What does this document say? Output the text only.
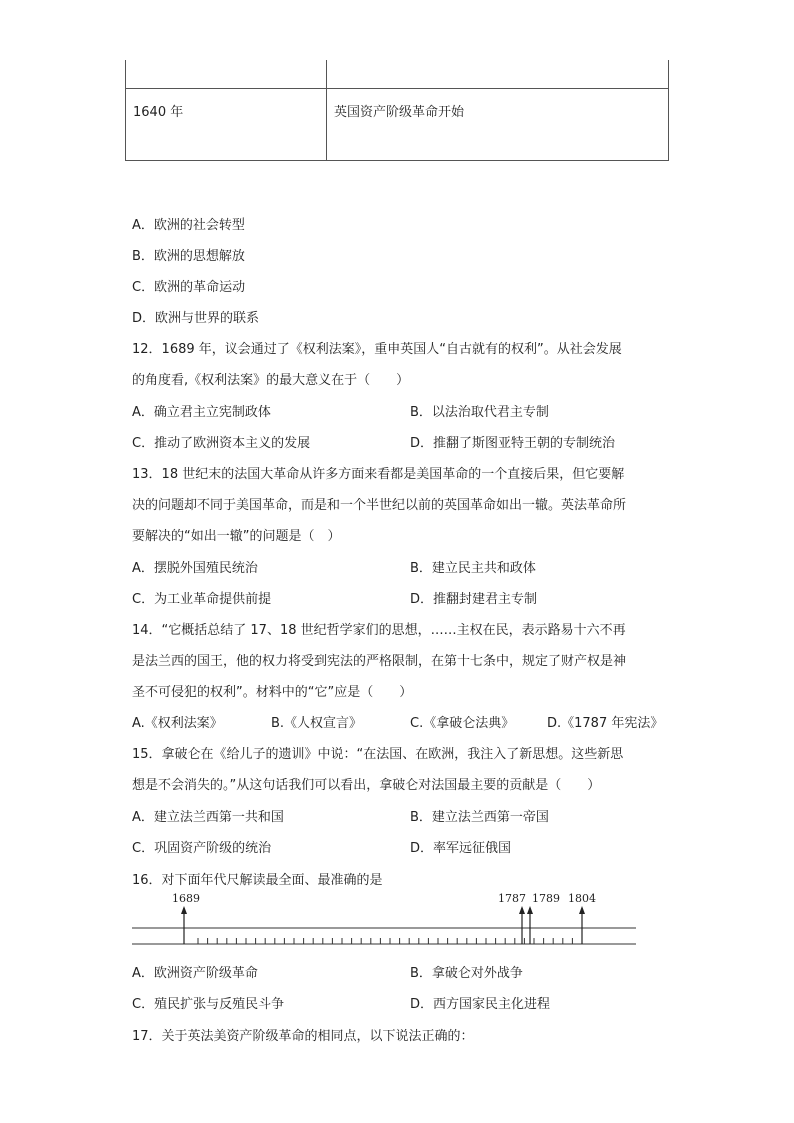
1640 年	英国资产阶级革命开始
A．欧洲的社会转型
B．欧洲的思想解放
C．欧洲的革命运动
D．欧洲与世界的联系
12．1689 年，议会通过了《权利法案》，重申英国人“自古就有的权利”。从社会发展
的角度看,《权利法案》的最大意义在于（　　）
A．确立君主立宪制政体	B．以法治取代君主专制
C．推动了欧洲资本主义的发展	D．推翻了斯图亚特王朝的专制统治
13．18 世纪末的法国大革命从许多方面来看都是美国革命的一个直接后果，但它要解
决的问题却不同于美国革命，而是和一个半世纪以前的英国革命如出一辙。英法革命所
要解决的“如出一辙”的问题是（　）
A．摆脱外国殖民统治	B．建立民主共和政体
C．为工业革命提供前提	D．推翻封建君主专制
14．“它概括总结了 17、18 世纪哲学家们的思想，……主权在民，表示路易十六不再
是法兰西的国王，他的权力将受到宪法的严格限制，在第十七条中，规定了财产权是神
圣不可侵犯的权利”。材料中的“它”应是（　　）
A.《权利法案》	B.《人权宣言》	C.《拿破仑法典》	D.《1787 年宪法》
15．拿破仑在《给儿子的遗训》中说：“在法国、在欧洲，我注入了新思想。这些新思
想是不会消失的。”从这句话我们可以看出，拿破仑对法国最主要的贡献是（　　）
A．建立法兰西第一共和国	B．建立法兰西第一帝国
C．巩固资产阶级的统治	D．率军远征俄国
16．对下面年代尺解读最全面、最准确的是
1689	1787 1789 1804
A．欧洲资产阶级革命	B．拿破仑对外战争
C．殖民扩张与反殖民斗争	D．西方国家民主化进程
17．关于英法美资产阶级革命的相同点，以下说法正确的：
